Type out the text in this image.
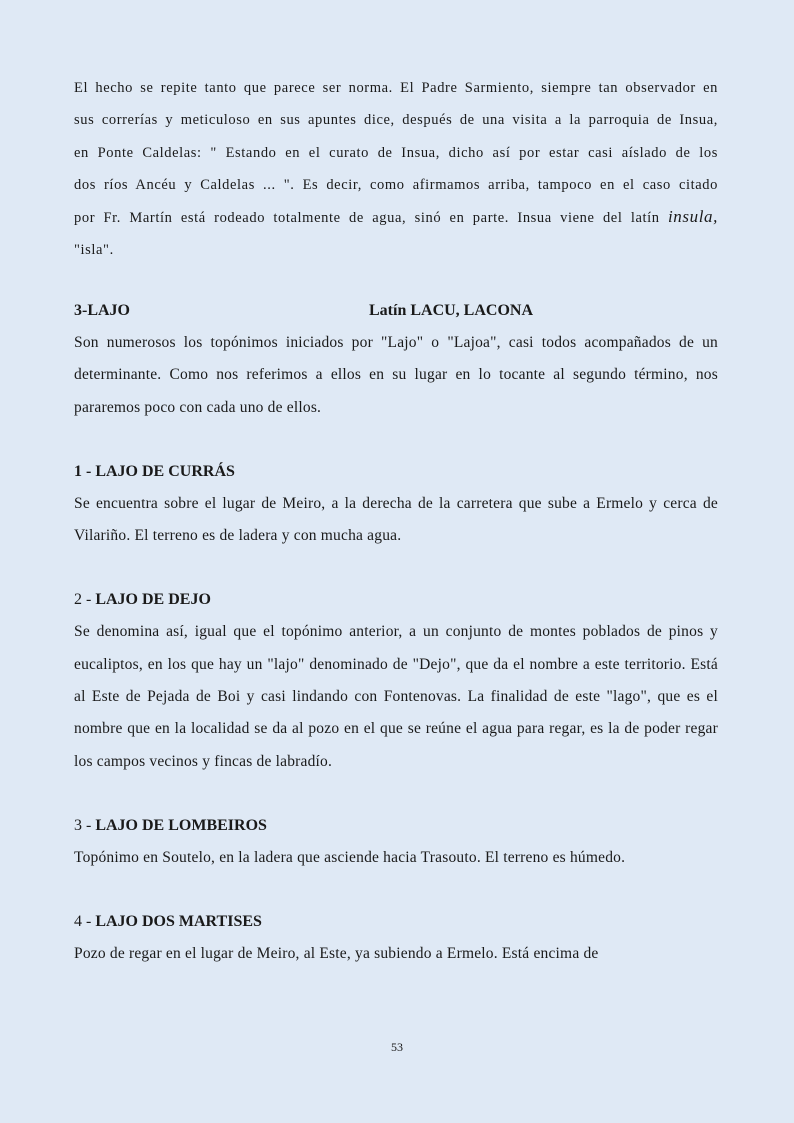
El hecho se repite tanto que parece ser norma. El Padre Sarmiento, siempre tan observador en sus correrías y meticuloso en sus apuntes dice, después de una visita a la parroquia de Insua, en Ponte Caldelas: " Estando en el curato de Insua, dicho así por estar casi aíslado de los dos ríos Ancéu y Caldelas ... ". Es decir, como afirmamos arriba, tampoco en el caso citado por Fr. Martín está rodeado totalmente de agua, sinó en parte. Insua viene del latín insula, "isla".

3-LAJO	Latín LACU, LACONA

Son numerosos los topónimos iniciados por "Lajo" o "Lajoa", casi todos acompañados de un determinante. Como nos referimos a ellos en su lugar en lo tocante al segundo término, nos pararemos poco con cada uno de ellos.

1 - LAJO DE CURRÁS

Se encuentra sobre el lugar de Meiro, a la derecha de la carretera que sube a Ermelo y cerca de Vilariño. El terreno es de ladera y con mucha agua.

2 - LAJO DE DEJO

Se denomina así, igual que el topónimo anterior, a un conjunto de montes poblados de pinos y eucaliptos, en los que hay un "lajo" denominado de "Dejo", que da el nombre a este territorio. Está al Este de Pejada de Boi y casi lindando con Fontenovas. La finalidad de este "lago", que es el nombre que en la localidad se da al pozo en el que se reúne el agua para regar, es la de poder regar los campos vecinos y fincas de labradío.

3 - LAJO DE LOMBEIROS

Topónimo en Soutelo, en la ladera que asciende hacia Trasouto. El terreno es húmedo.

4 - LAJO DOS MARTISES

Pozo de regar en el lugar de Meiro, al Este, ya subiendo a Ermelo. Está encima de

53
